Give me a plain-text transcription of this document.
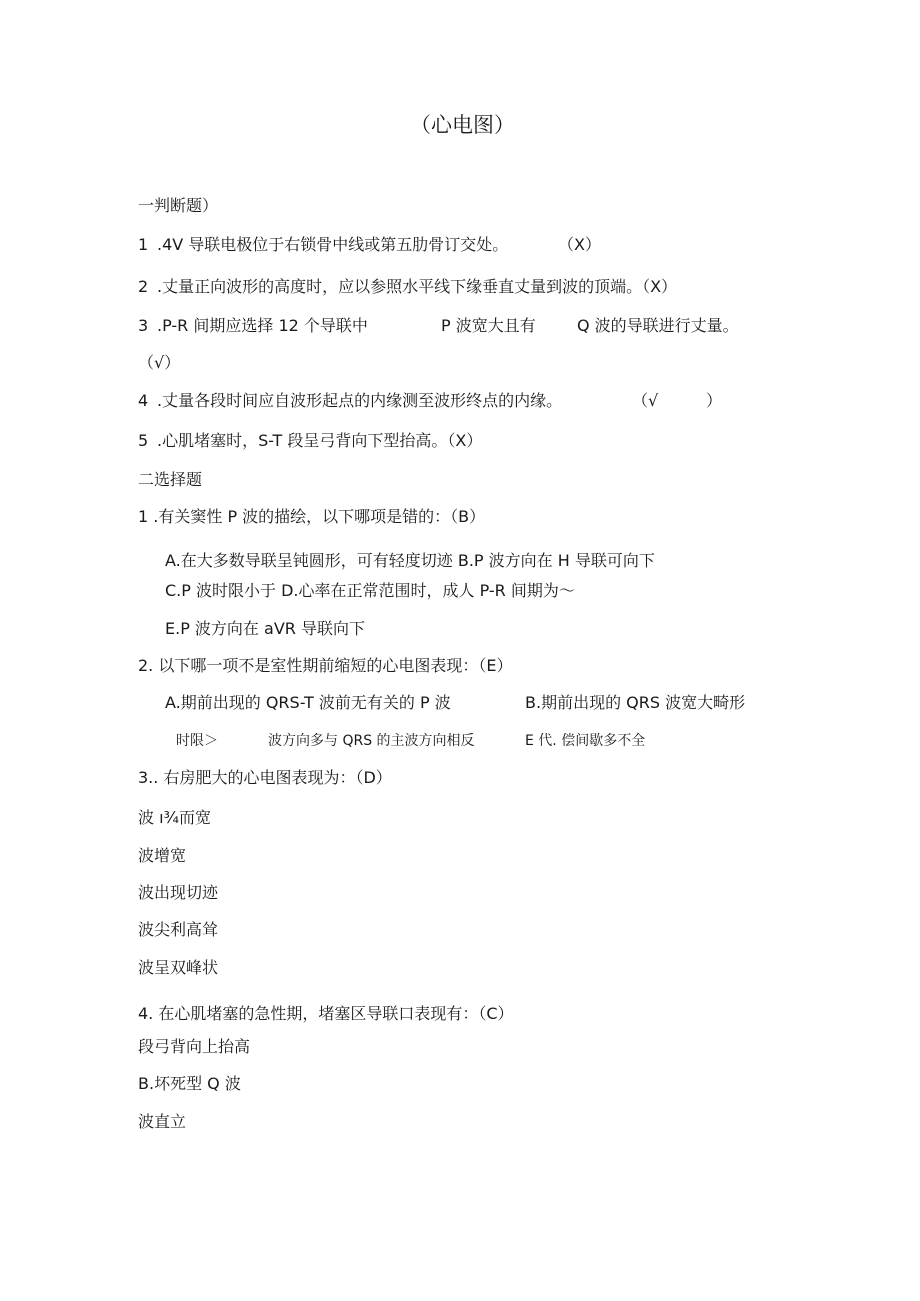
（心电图）
一判断题）
1 .4V 导联电极位于右锁骨中线或第五肋骨订交处。	（X）
2 .丈量正向波形的高度时，应以参照水平线下缘垂直丈量到波的顶端。（X）
3 .P-R 间期应选择 12 个导联中	P 波宽大且有	Q 波的导联进行丈量。
（√）
4 .丈量各段时间应自波形起点的内缘测至波形终点的内缘。	（√	）
5 .心肌堵塞时，S-T 段呈弓背向下型抬高。（X）
二选择题
1 .有关窦性 P 波的描绘，以下哪项是错的：（B）
A.在大多数导联呈钝圆形，可有轻度切迹 B.P 波方向在 H 导联可向下
C.P 波时限小于 D.心率在正常范围时，成人 P-R 间期为～
E.P 波方向在 aVR 导联向下
2. 以下哪一项不是室性期前缩短的心电图表现：（E）
A.期前出现的 QRS-T 波前无有关的 P 波	B.期前出现的 QRS 波宽大畸形
时限＞	波方向多与 QRS 的主波方向相反	E 代. 偿间歇多不全
3.. 右房肥大的心电图表现为：（D）
波 ı¾而宽
波增宽
波出现切迹
波尖利高耸
波呈双峰状
4. 在心肌堵塞的急性期，堵塞区导联口表现有：（C）
段弓背向上抬高
B.坏死型 Q 波
波直立
